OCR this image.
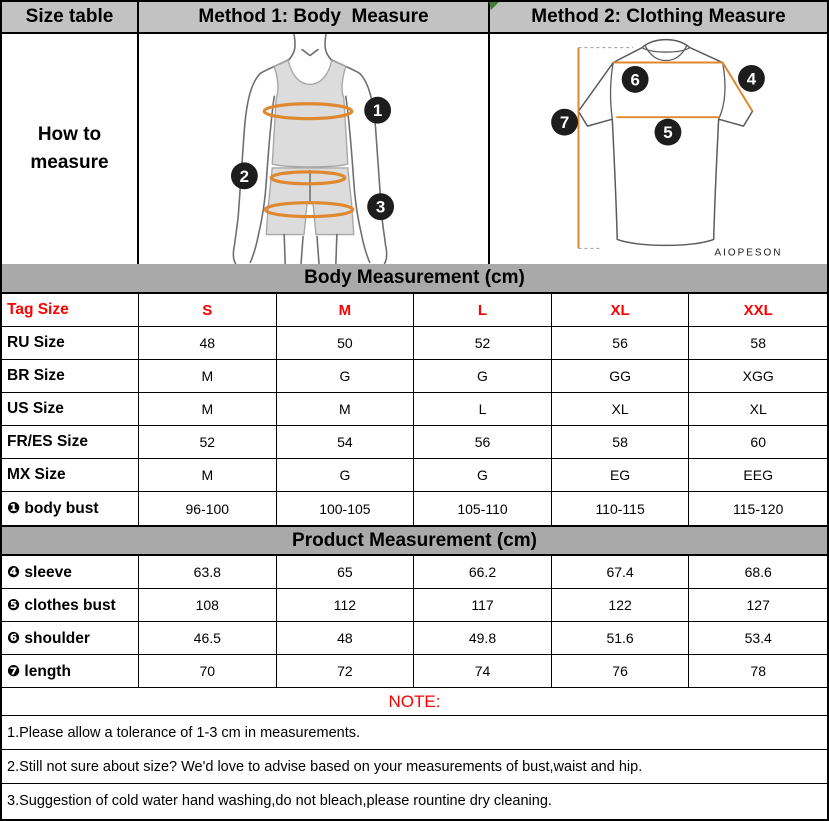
Size table	Method 1: Body  Measure	Method 2: Clothing Measure
How to measure
1
2
3
6	4
7
5
AIOPESON
Body Measurement (cm)
Tag Size	S	M	L	XL	XXL
RU Size	48	50	52	56	58
BR Size	M	G	G	GG	XGG
US Size	M	M	L	XL	XL
FR/ES Size	52	54	56	58	60
MX Size	M	G	G	EG	EEG
❶ body bust	96-100	100-105	105-110	110-115	115-120
Product Measurement (cm)
❹ sleeve	63.8	65	66.2	67.4	68.6
❺ clothes bust	108	112	117	122	127
❻ shoulder	46.5	48	49.8	51.6	53.4
❼ length	70	72	74	76	78
NOTE:
1.Please allow a tolerance of 1-3 cm in measurements.
2.Still not sure about size? We'd love to advise based on your measurements of bust,waist and hip.
3.Suggestion of cold water hand washing,do not bleach,please rountine dry cleaning.
